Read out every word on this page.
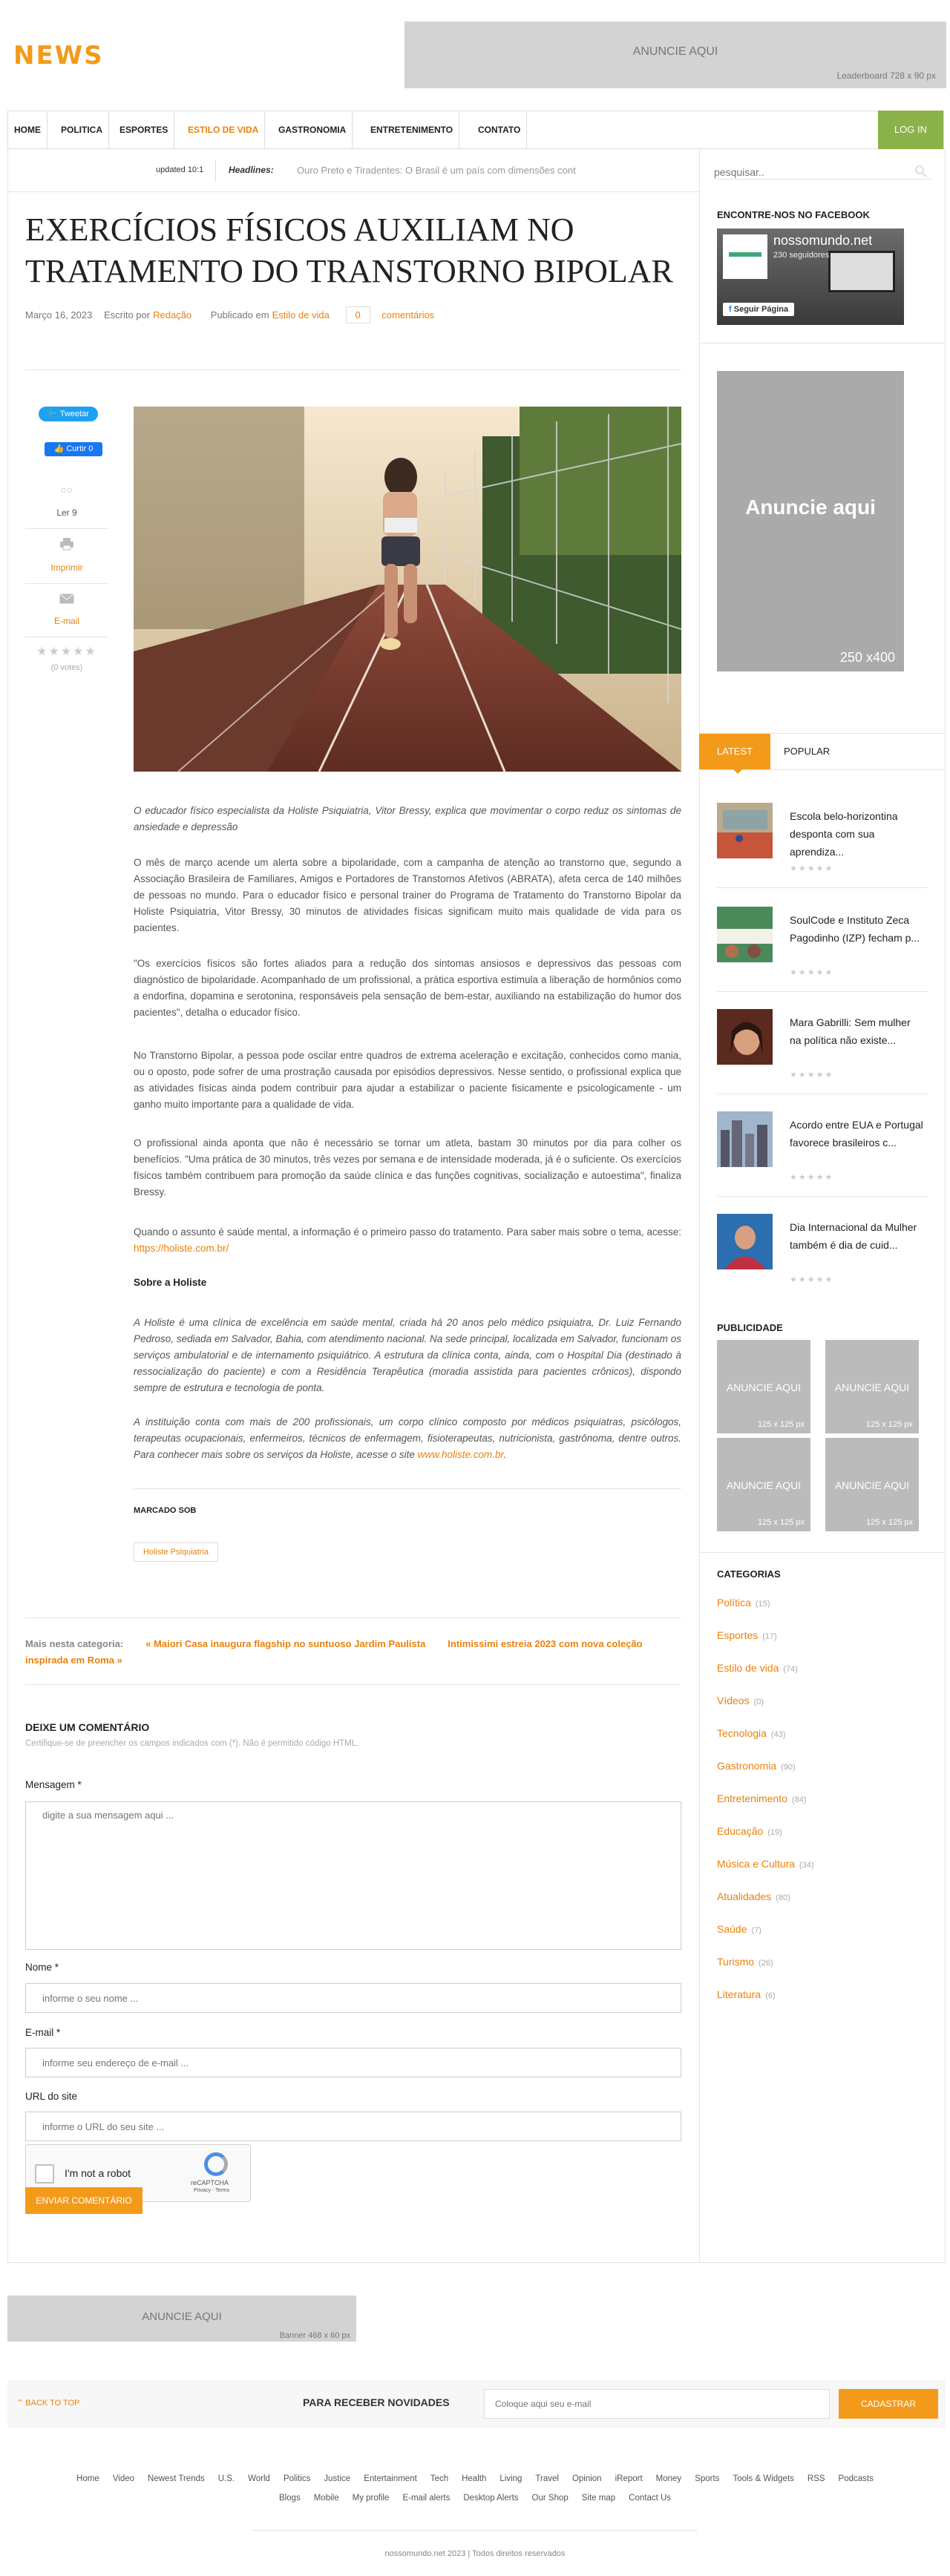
NEWS	ANUNCIE AQUI
Leaderboard 728 x 90 px
HOME	POLITICA	ESPORTES	ESTILO DE VIDA	GASTRONOMIA	ENTRETENIMENTO	CONTATO	LOG IN
updated 10:1	Headlines: Ouro Preto e Tiradentes: O Brasil é um país com dimensões cont
pesquisar..
EXERCÍCIOS FÍSICOS AUXILIAM NO TRATAMENTO DO TRANSTORNO BIPOLAR
Março 16, 2023 Escrito por Redação Publicado em Estilo de vida	0 comentários
🐦 Tweetar
👍 Curtir 0
○○
Ler 9
Imprimir
E-mail
★★★★★
(0 votes)
O educador físico especialista da Holiste Psiquiatria, Vitor Bressy, explica que movimentar o corpo reduz os sintomas de ansiedade e depressão
O mês de março acende um alerta sobre a bipolaridade, com a campanha de atenção ao transtorno que, segundo a Associação Brasileira de Familiares, Amigos e Portadores de Transtornos Afetivos (ABRATA), afeta cerca de 140 milhões de pessoas no mundo. Para o educador físico e personal trainer do Programa de Tratamento do Transtorno Bipolar da Holiste Psiquiatria, Vitor Bressy, 30 minutos de atividades físicas significam muito mais qualidade de vida para os pacientes.
"Os exercícios físicos são fortes aliados para a redução dos sintomas ansiosos e depressivos das pessoas com diagnóstico de bipolaridade. Acompanhado de um profissional, a prática esportiva estimula a liberação de hormônios como a endorfina, dopamina e serotonina, responsáveis pela sensação de bem-estar, auxiliando na estabilização do humor dos pacientes", detalha o educador físico.
No Transtorno Bipolar, a pessoa pode oscilar entre quadros de extrema aceleração e excitação, conhecidos como mania, ou o oposto, pode sofrer de uma prostração causada por episódios depressivos. Nesse sentido, o profissional explica que as atividades físicas ainda podem contribuir para ajudar a estabilizar o paciente fisicamente e psicologicamente - um ganho muito importante para a qualidade de vida.
O profissional ainda aponta que não é necessário se tornar um atleta, bastam 30 minutos por dia para colher os benefícios. "Uma prática de 30 minutos, três vezes por semana e de intensidade moderada, já é o suficiente. Os exercícios físicos também contribuem para promoção da saúde clínica e das funções cognitivas, socialização e autoestima", finaliza Bressy.
Quando o assunto é saúde mental, a informação é o primeiro passo do tratamento. Para saber mais sobre o tema, acesse: https://holiste.com.br/
Sobre a Holiste
A Holiste é uma clínica de excelência em saúde mental, criada há 20 anos pelo médico psiquiatra, Dr. Luiz Fernando Pedroso, sediada em Salvador, Bahia, com atendimento nacional. Na sede principal, localizada em Salvador, funcionam os serviços ambulatorial e de internamento psiquiátrico. A estrutura da clínica conta, ainda, com o Hospital Dia (destinado à ressocialização do paciente) e com a Residência Terapêutica (moradia assistida para pacientes crônicos), dispondo sempre de estrutura e tecnologia de ponta.
A instituição conta com mais de 200 profissionais, um corpo clínico composto por médicos psiquiatras, psicólogos, terapeutas ocupacionais, enfermeiros, técnicos de enfermagem, fisioterapeutas, nutricionista, gastrônoma, dentre outros. Para conhecer mais sobre os serviços da Holiste, acesse o site www.holiste.com.br.
MARCADO SOB
Holiste Psiquiatria
Mais nesta categoria: « Maiori Casa inaugura flagship no suntuoso Jardim Paulista Intimissimi estreia 2023 com nova coleção inspirada em Roma »
DEIXE UM COMENTÁRIO
Certifique-se de preencher os campos indicados com (*). Não é permitido código HTML.
Mensagem *
digite a sua mensagem aqui ...
Nome *
informe o seu nome ...
E-mail *
informe seu endereço de e-mail ...
URL do site
informe o URL do seu site ...
I'm not a robot
reCAPTCHA
Privacy - Terms
ENVIAR COMENTÁRIO
ENCONTRE-NOS NO FACEBOOK
nossomundo.net
230 seguidores
f Seguir Página
Anuncie aqui
250 x400
LATEST	POPULAR
Escola belo-horizontina desponta com sua aprendiza...
★★★★★
SoulCode e Instituto Zeca Pagodinho (IZP) fecham p...
★★★★★
Mara Gabrilli: Sem mulher na política não existe...
★★★★★
Acordo entre EUA e Portugal favorece brasileiros c...
★★★★★
Dia Internacional da Mulher também é dia de cuid...
★★★★★
PUBLICIDADE
ANUNCIE AQUI
125 x 125 px
ANUNCIE AQUI
125 x 125 px
ANUNCIE AQUI
125 x 125 px
ANUNCIE AQUI
125 x 125 px
CATEGORIAS
Política (15)
Esportes (17)
Estilo de vida (74)
Vídeos (0)
Tecnologia (43)
Gastronomia (90)
Entretenimento (84)
Educação (19)
Música e Cultura (34)
Atualidades (80)
Saúde (7)
Turismo (26)
Literatura (6)
ANUNCIE AQUI
Banner 468 x 60 px
⌃ BACK TO TOP	PARA RECEBER NOVIDADES
Coloque aqui seu e-mail	CADASTRAR
Home Video Newest Trends U.S. World Politics Justice Entertainment Tech Health Living Travel Opinion iReport Money Sports Tools & Widgets RSS Podcasts
Blogs Mobile My profile E-mail alerts Desktop Alerts Our Shop Site map Contact Us
nossomundo.net 2023 | Todos direitos reservados
